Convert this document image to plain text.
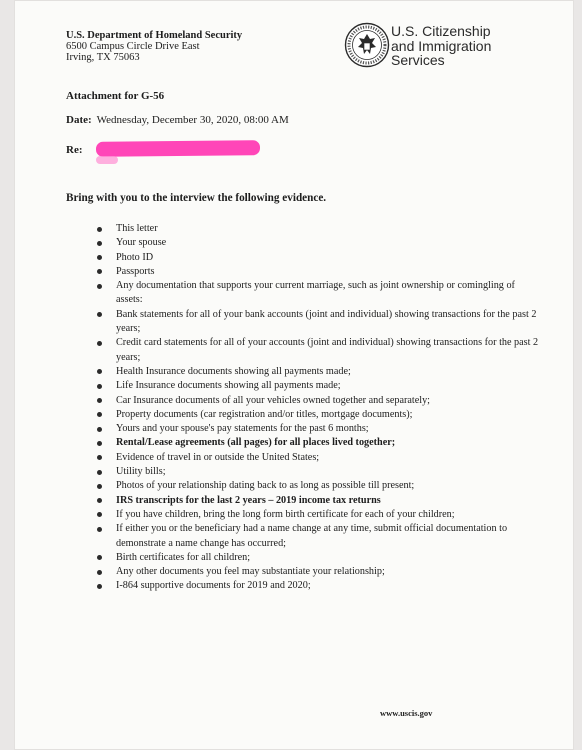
U.S. Department of Homeland Security
6500 Campus Circle Drive East
Irving, TX 75063
U.S. Citizenship
and Immigration
Services
Attachment for G-56
Date: Wednesday, December 30, 2020, 08:00 AM
Re:
Bring with you to the interview the following evidence.
This letter
Your spouse
Photo ID
Passports
Any documentation that supports your current marriage, such as joint ownership or comingling of assets:
Bank statements for all of your bank accounts (joint and individual) showing transactions for the past 2 years;
Credit card statements for all of your accounts (joint and individual) showing transactions for the past 2 years;
Health Insurance documents showing all payments made;
Life Insurance documents showing all payments made;
Car Insurance documents of all your vehicles owned together and separately;
Property documents (car registration and/or titles, mortgage documents);
Yours and your spouse's pay statements for the past 6 months;
Rental/Lease agreements (all pages) for all places lived together;
Evidence of travel in or outside the United States;
Utility bills;
Photos of your relationship dating back to as long as possible till present;
IRS transcripts for the last 2 years – 2019 income tax returns
If you have children, bring the long form birth certificate for each of your children;
If either you or the beneficiary had a name change at any time, submit official documentation to demonstrate a name change has occurred;
Birth certificates for all children;
Any other documents you feel may substantiate your relationship;
I-864 supportive documents for 2019 and 2020;
www.uscis.gov
